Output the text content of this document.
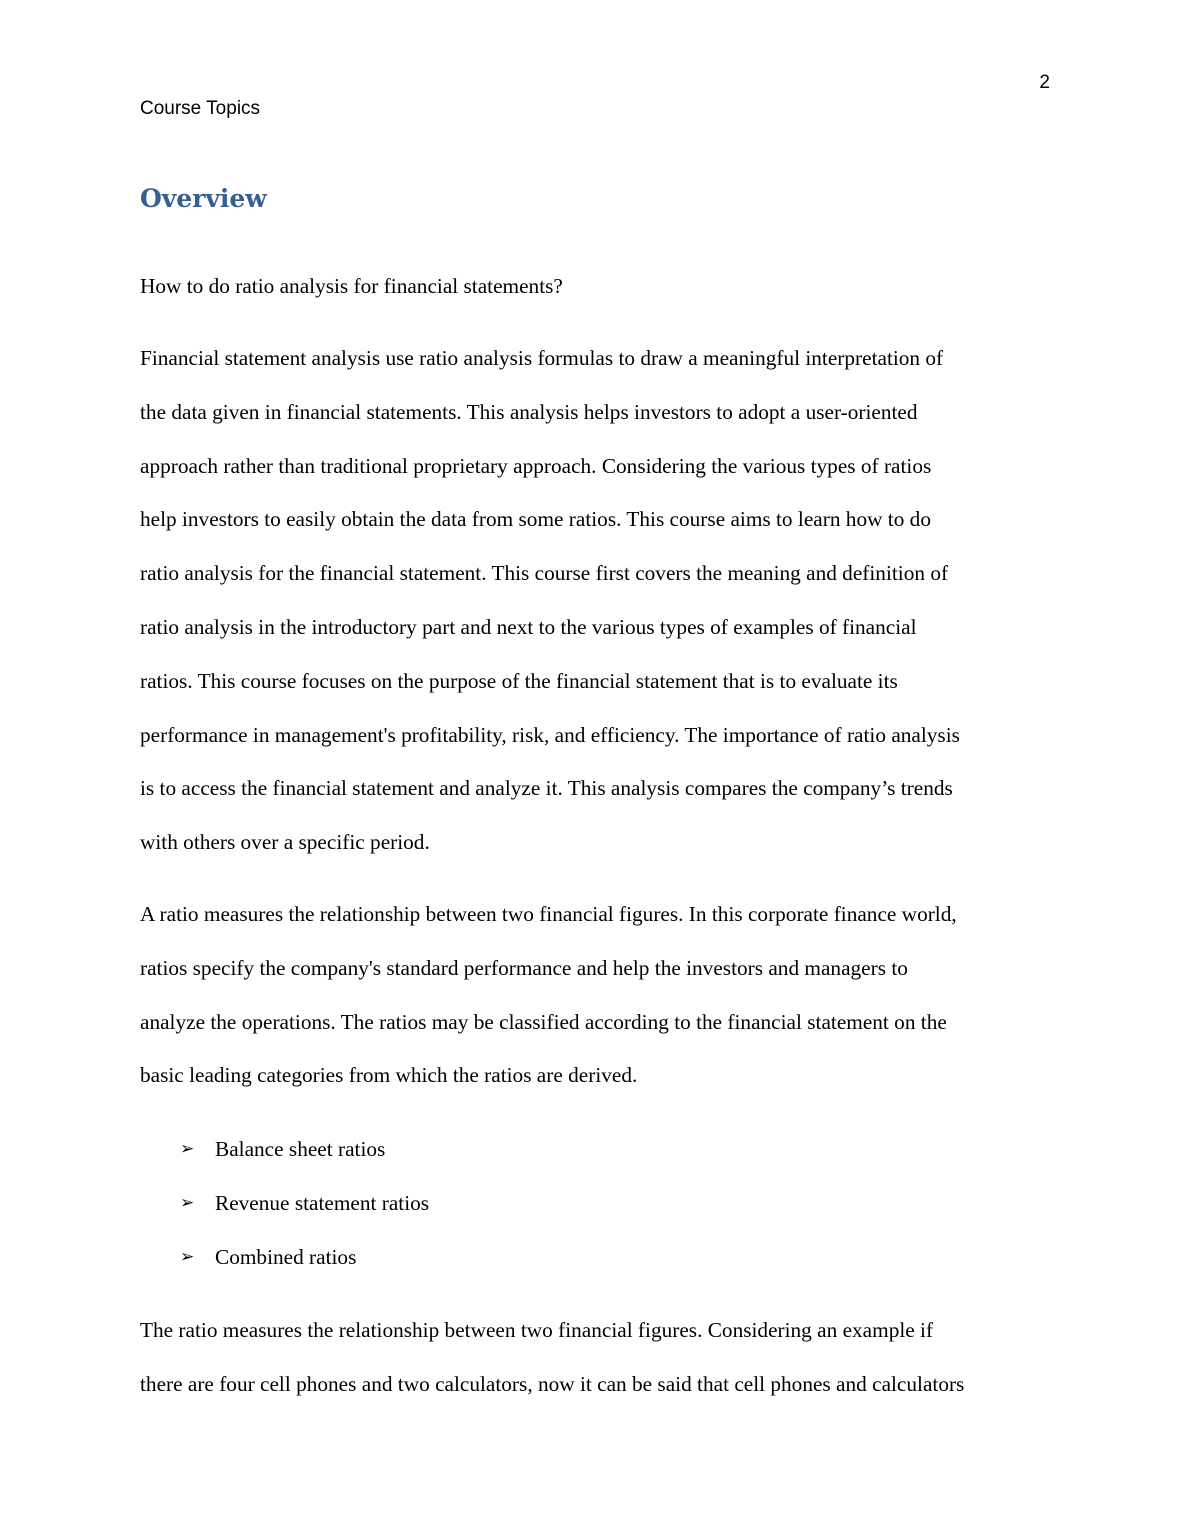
2
Course Topics
Overview

How to do ratio analysis for financial statements?

Financial statement analysis use ratio analysis formulas to draw a meaningful interpretation of
the data given in financial statements. This analysis helps investors to adopt a user-oriented
approach rather than traditional proprietary approach. Considering the various types of ratios
help investors to easily obtain the data from some ratios. This course aims to learn how to do
ratio analysis for the financial statement. This course first covers the meaning and definition of
ratio analysis in the introductory part and next to the various types of examples of financial
ratios. This course focuses on the purpose of the financial statement that is to evaluate its
performance in management's profitability, risk, and efficiency. The importance of ratio analysis
is to access the financial statement and analyze it. This analysis compares the company’s trends
with others over a specific period.

A ratio measures the relationship between two financial figures. In this corporate finance world,
ratios specify the company's standard performance and help the investors and managers to
analyze the operations. The ratios may be classified according to the financial statement on the
basic leading categories from which the ratios are derived.

➢ Balance sheet ratios
➢ Revenue statement ratios
➢ Combined ratios

The ratio measures the relationship between two financial figures. Considering an example if
there are four cell phones and two calculators, now it can be said that cell phones and calculators
